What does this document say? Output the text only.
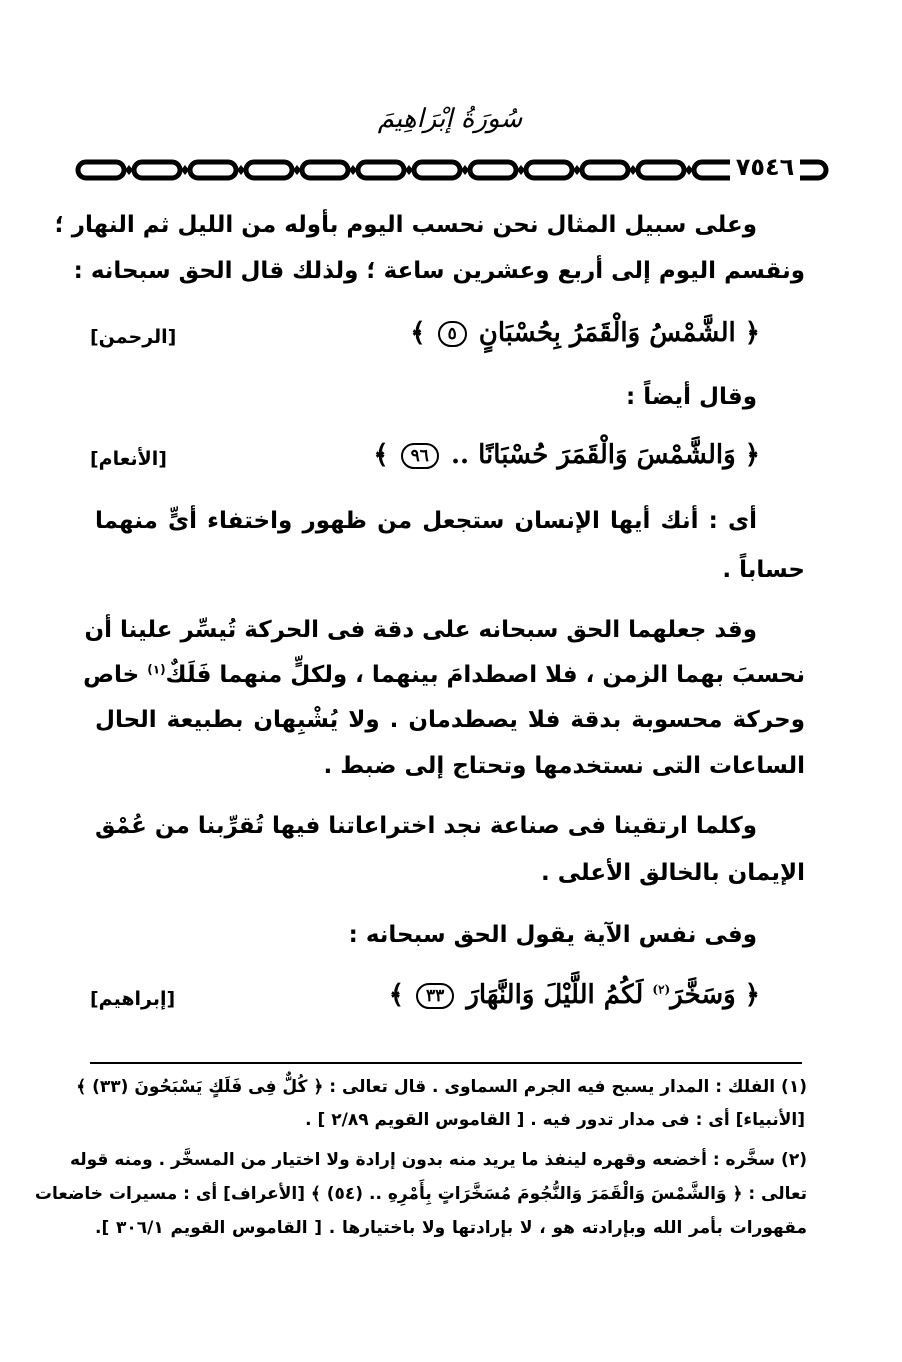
سُورَةُ إبْرَاهِيمَ
٧٥٤٦
وعلى سبيل المثال نحن نحسب اليوم بأوله من الليل ثم النهار ؛
ونقسم اليوم إلى أربع وعشرين ساعة ؛ ولذلك قال الحق سبحانه :
﴿ الشَّمْسُ وَالْقَمَرُ بِحُسْبَانٍ ٥ ﴾
[الرحمن]
وقال أيضاً :
﴿ وَالشَّمْسَ وَالْقَمَرَ حُسْبَانًا .. ٩٦ ﴾
[الأنعام]
أى : أنك أيها الإنسان ستجعل من ظهور واختفاء أىٍّ منهما
حساباً .
وقد جعلهما الحق سبحانه على دقة فى الحركة تُيسِّر علينا أن
نحسبَ بهما الزمن ، فلا اصطدامَ بينهما ، ولكلٍّ منهما فَلَكٌ$^{(١)}$ خاص
وحركة محسوبة بدقة فلا يصطدمان . ولا يُشْبِهان بطبيعة الحال
الساعات التى نستخدمها وتحتاج إلى ضبط .
وكلما ارتقينا فى صناعة نجد اختراعاتنا فيها تُقرِّبنا من عُمْق
الإيمان بالخالق الأعلى .
وفى نفس الآية يقول الحق سبحانه :
﴿ وَسَخَّرَ$^{(٢)}$ لَكُمُ اللَّيْلَ وَالنَّهَارَ ٣٣ ﴾
[إبراهيم]
(١) الفلك : المدار يسبح فيه الجرم السماوى . قال تعالى : ﴿ كُلٌّ فِى فَلَكٍ يَسْبَحُونَ (٣٣) ﴾
[الأنبياء] أى : فى مدار تدور فيه . [ القاموس القويم ٢/٨٩ ] .
(٢) سخَّره : أخضعه وقهره لينفذ ما يريد منه بدون إرادة ولا اختيار من المسخَّر . ومنه قوله
تعالى : ﴿ وَالشَّمْسَ وَالْقَمَرَ وَالنُّجُومَ مُسَخَّرَاتٍ بِأَمْرِهِ .. (٥٤) ﴾ [الأعراف] أى : مسيرات خاضعات
مقهورات بأمر الله وبإرادته هو ، لا بإرادتها ولا باختيارها . [ القاموس القويم ٣٠٦/١ ].
